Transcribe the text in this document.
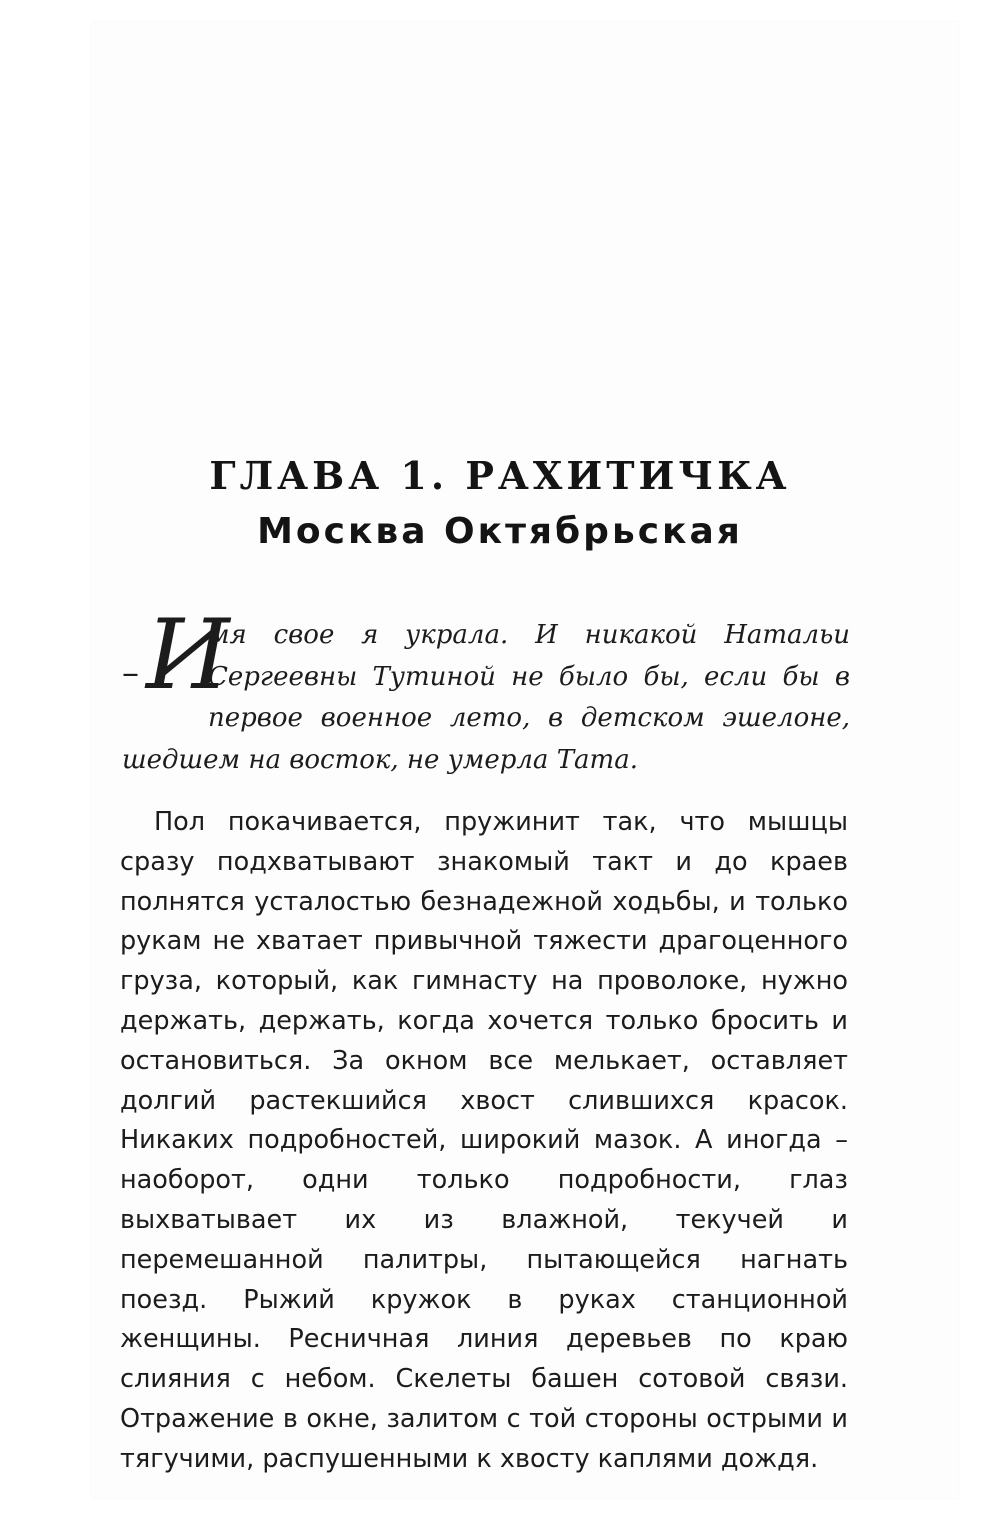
ГЛАВА 1. РАХИТИЧКА
Москва Октябрьская
– И
мя свое я украла. И никакой Натальи Сергеевны Тутиной не было бы, если бы в первое военное лето, в детском эшелоне, шедшем на восток, не умерла Тата.

Пол покачивается, пружинит так, что мышцы сразу подхватывают знакомый такт и до краев полнятся усталостью безнадежной ходьбы, и только рукам не хватает привычной тяжести драгоценного груза, который, как гимнасту на проволоке, нужно держать, держать, когда хочется только бросить и остановиться. За окном все мелькает, оставляет долгий растекшийся хвост слившихся красок. Никаких подробностей, широкий мазок. А иногда – наоборот, одни только подробности, глаз выхватывает их из влажной, текучей и перемешанной палитры, пытающейся нагнать поезд. Рыжий кружок в руках станционной женщины. Ресничная линия деревьев по краю слияния с небом. Скелеты башен сотовой связи. Отражение в окне, залитом с той стороны острыми и тягучими, распушенными к хвосту каплями дождя.
